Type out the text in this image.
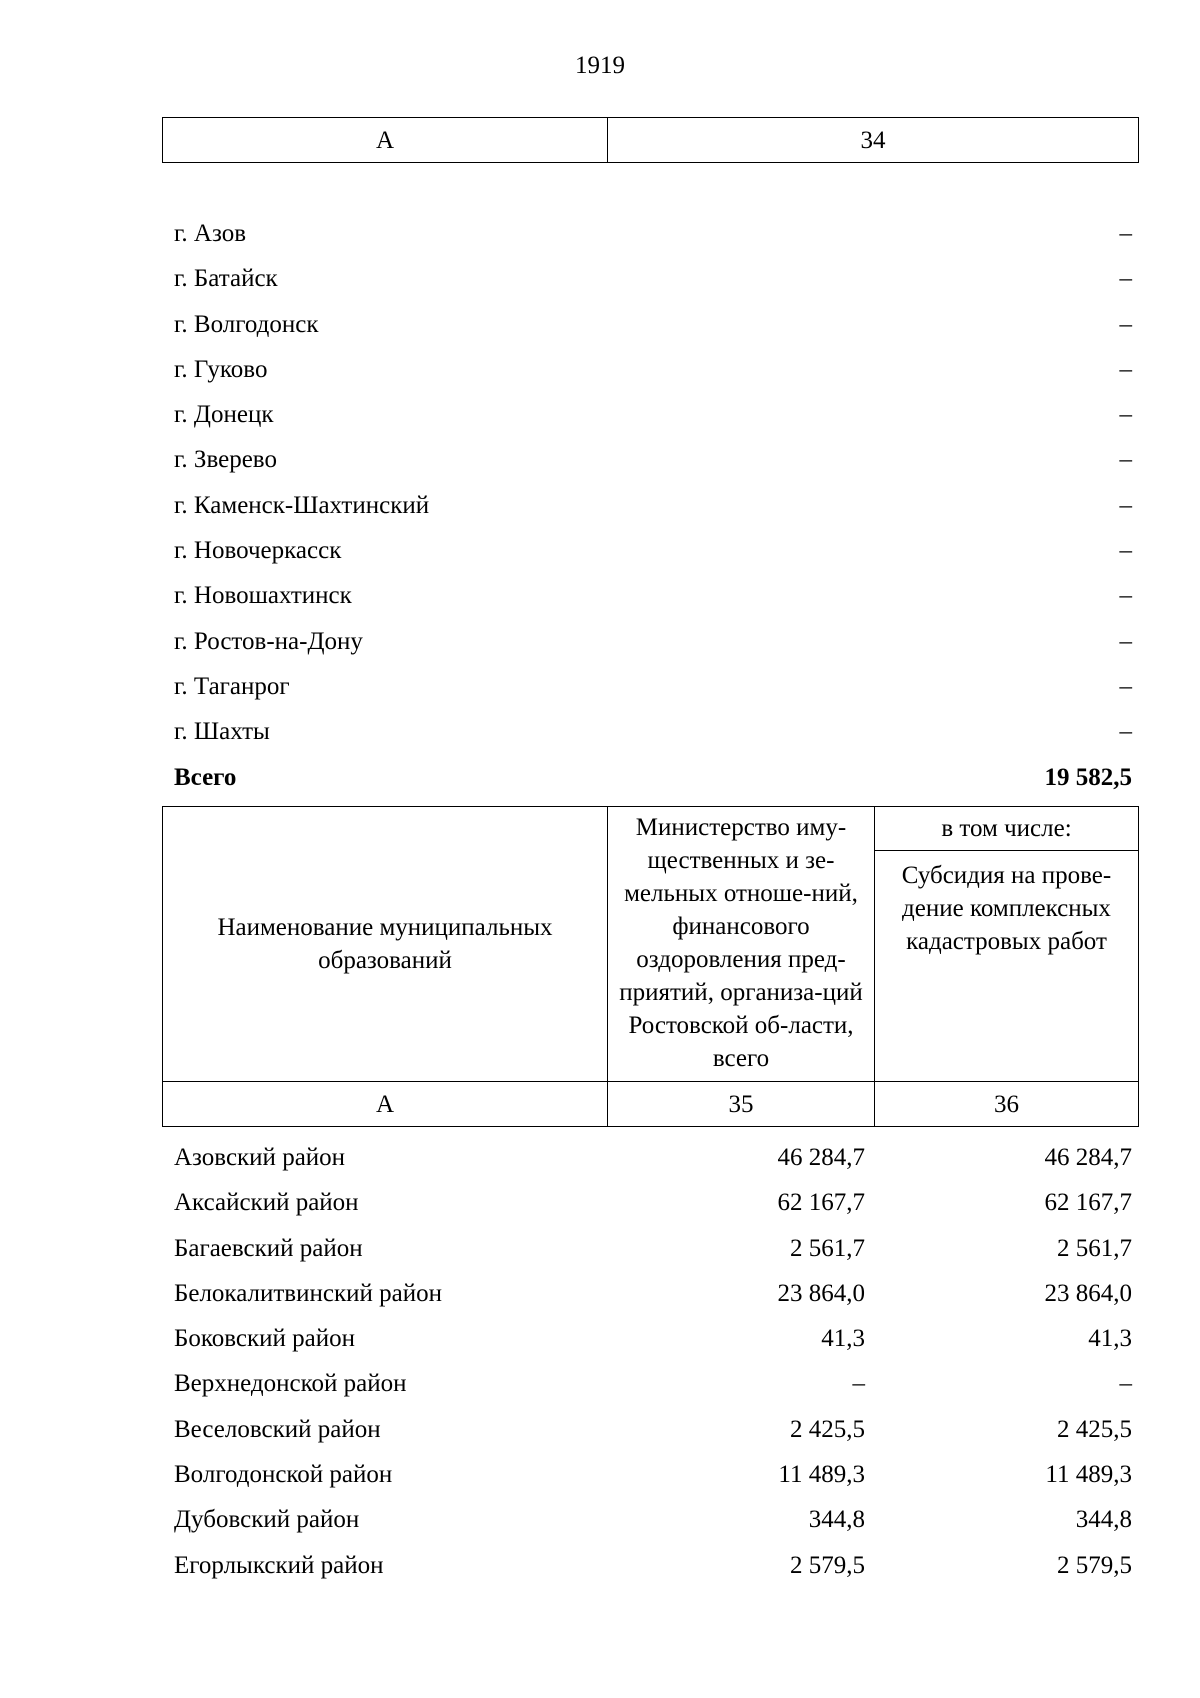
1919
А	34
г. Азов	–
г. Батайск	–
г. Волгодонск	–
г. Гуково	–
г. Донецк	–
г. Зверево	–
г. Каменск-Шахтинский	–
г. Новочеркасск	–
г. Новошахтинск	–
г. Ростов-на-Дону	–
г. Таганрог	–
г. Шахты	–
Всего	19 582,5
Наименование муниципальных образований	Министерство иму-щественных и зе-мельных отноше-ний, финансового оздоровления пред-приятий, организа-ций Ростовской об-ласти, всего	в том числе:
		Субсидия на прове-дение комплексных кадастровых работ
А	35	36
Азовский район	46 284,7	46 284,7
Аксайский район	62 167,7	62 167,7
Багаевский район	2 561,7	2 561,7
Белокалитвинский район	23 864,0	23 864,0
Боковский район	41,3	41,3
Верхнедонской район	–	–
Веселовский район	2 425,5	2 425,5
Волгодонской район	11 489,3	11 489,3
Дубовский район	344,8	344,8
Егорлыкский район	2 579,5	2 579,5
